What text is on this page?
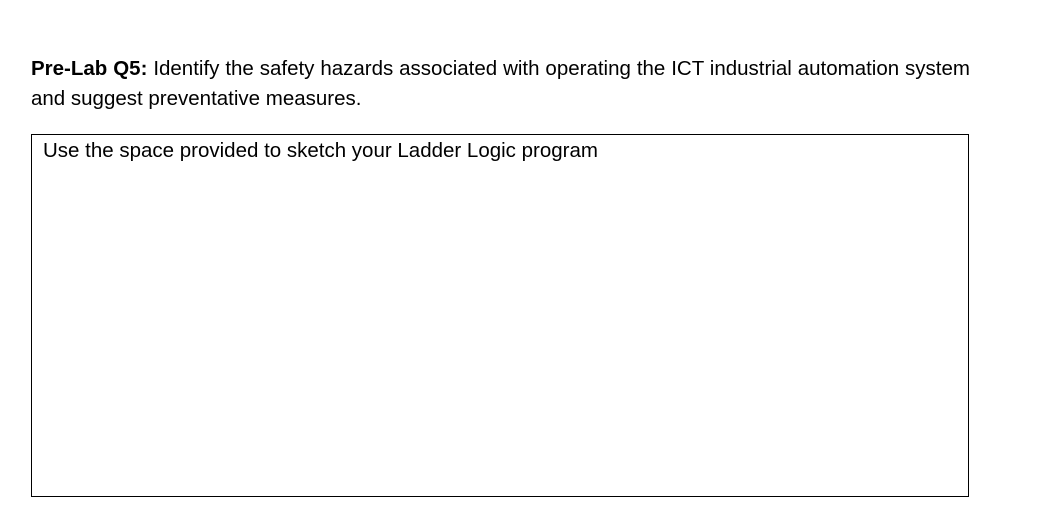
Pre-Lab Q5: Identify the safety hazards associated with operating the ICT industrial automation system and suggest preventative measures.

Use the space provided to sketch your Ladder Logic program
